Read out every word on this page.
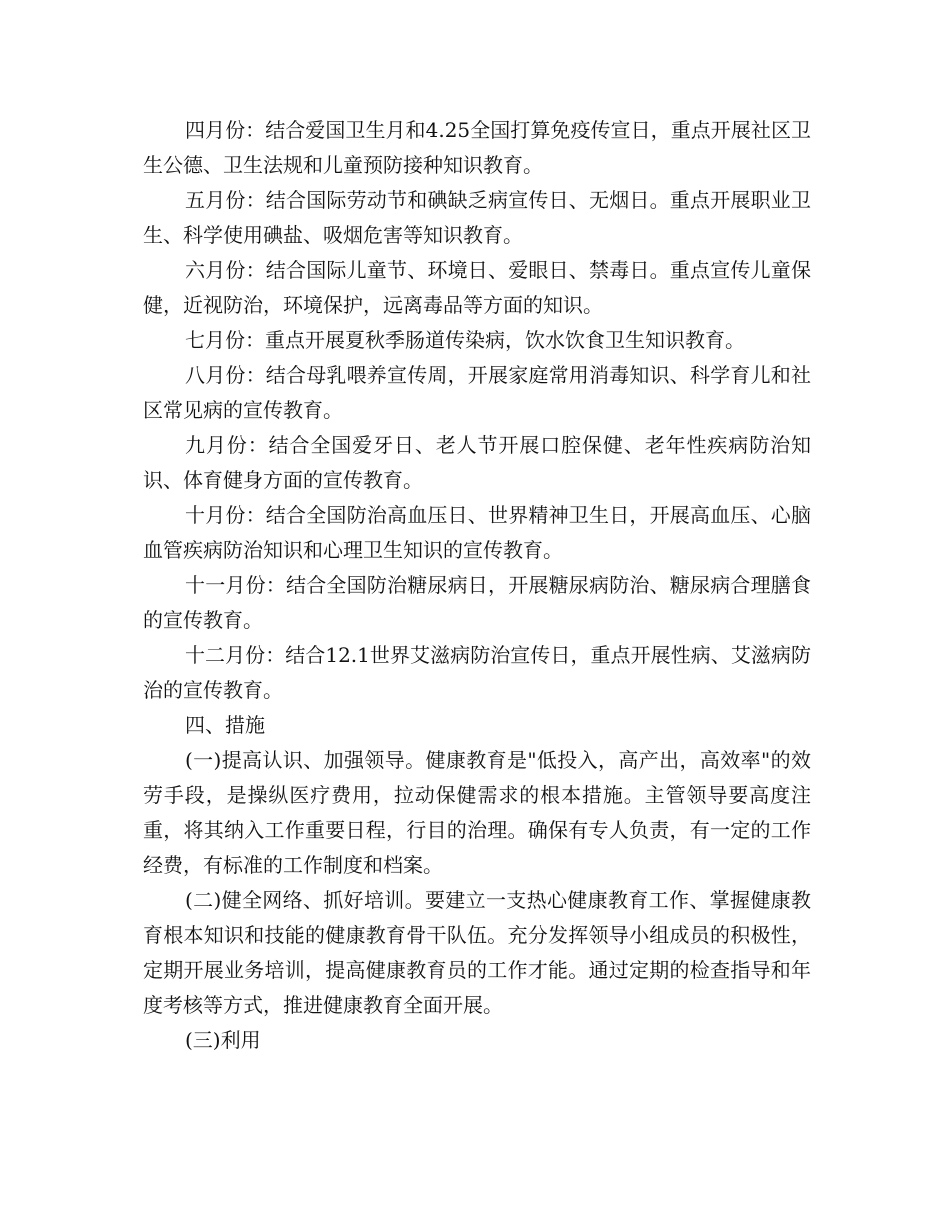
四月份：结合爱国卫生月和4.25全国打算免疫传宣日，重点开展社区卫生公德、卫生法规和儿童预防接种知识教育。

五月份：结合国际劳动节和碘缺乏病宣传日、无烟日。重点开展职业卫生、科学使用碘盐、吸烟危害等知识教育。

六月份：结合国际儿童节、环境日、爱眼日、禁毒日。重点宣传儿童保健，近视防治，环境保护，远离毒品等方面的知识。

七月份：重点开展夏秋季肠道传染病，饮水饮食卫生知识教育。

八月份：结合母乳喂养宣传周，开展家庭常用消毒知识、科学育儿和社区常见病的宣传教育。

九月份：结合全国爱牙日、老人节开展口腔保健、老年性疾病防治知识、体育健身方面的宣传教育。

十月份：结合全国防治高血压日、世界精神卫生日，开展高血压、心脑血管疾病防治知识和心理卫生知识的宣传教育。

十一月份：结合全国防治糖尿病日，开展糖尿病防治、糖尿病合理膳食的宣传教育。

十二月份：结合12.1世界艾滋病防治宣传日，重点开展性病、艾滋病防治的宣传教育。

四、措施

(一)提高认识、加强领导。健康教育是"低投入，高产出，高效率"的效劳手段，是操纵医疗费用，拉动保健需求的根本措施。主管领导要高度注重，将其纳入工作重要日程，行目的治理。确保有专人负责，有一定的工作经费，有标准的工作制度和档案。

(二)健全网络、抓好培训。要建立一支热心健康教育工作、掌握健康教育根本知识和技能的健康教育骨干队伍。充分发挥领导小组成员的积极性，定期开展业务培训，提高健康教育员的工作才能。通过定期的检查指导和年度考核等方式，推进健康教育全面开展。

(三)利用
